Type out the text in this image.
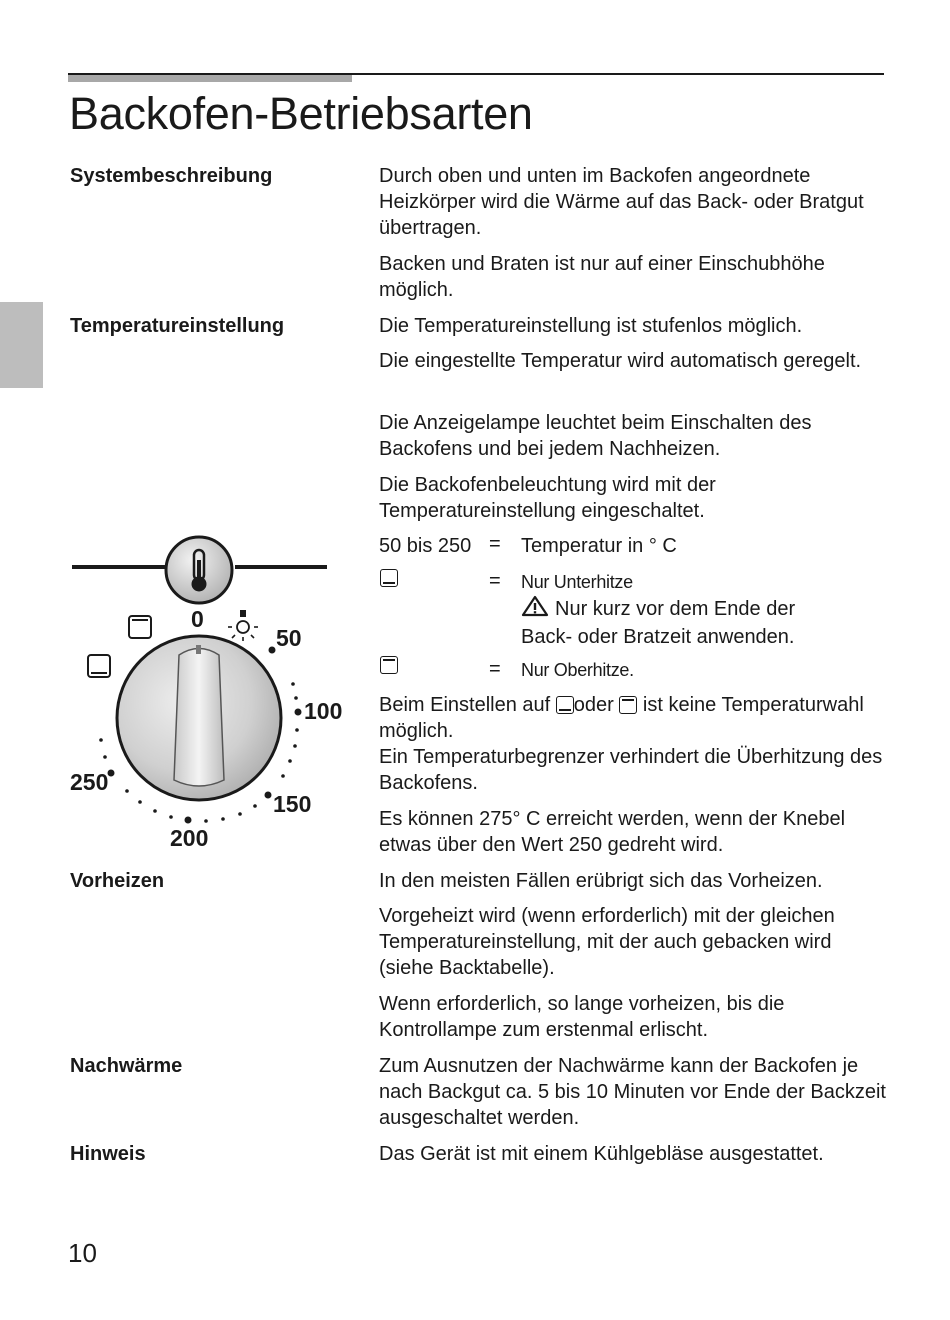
Backofen-Betriebsarten
Systembeschreibung	Durch oben und unten im Backofen angeordnete Heizkörper wird die Wärme auf das Back- oder Bratgut übertragen.
Backen und Braten ist nur auf einer Einschubhöhe möglich.
Temperatureinstellung	Die Temperatureinstellung ist stufenlos möglich.
Die eingestellte Temperatur wird automatisch geregelt.
Die Anzeigelampe leuchtet beim Einschalten des Backofens und bei jedem Nachheizen.
Die Backofenbeleuchtung wird mit der Temperatureinstellung eingeschaltet.
50 bis 250 = Temperatur in ° C
= Nur Unterhitze
Nur kurz vor dem Ende der Back- oder Bratzeit anwenden.
= Nur Oberhitze.
Beim Einstellen auf oder ist keine Temperaturwahl möglich.
Ein Temperaturbegrenzer verhindert die Überhitzung des Backofens.
Es können 275° C erreicht werden, wenn der Knebel etwas über den Wert 250 gedreht wird.
0
50
100
150
200
250
Vorheizen	In den meisten Fällen erübrigt sich das Vorheizen.
Vorgeheizt wird (wenn erforderlich) mit der gleichen Temperatureinstellung, mit der auch gebacken wird (siehe Backtabelle).
Wenn erforderlich, so lange vorheizen, bis die Kontrollampe zum erstenmal erlischt.
Nachwärme	Zum Ausnutzen der Nachwärme kann der Backofen je nach Backgut ca. 5 bis 10 Minuten vor Ende der Backzeit ausgeschaltet werden.
Hinweis	Das Gerät ist mit einem Kühlgebläse ausgestattet.
10
